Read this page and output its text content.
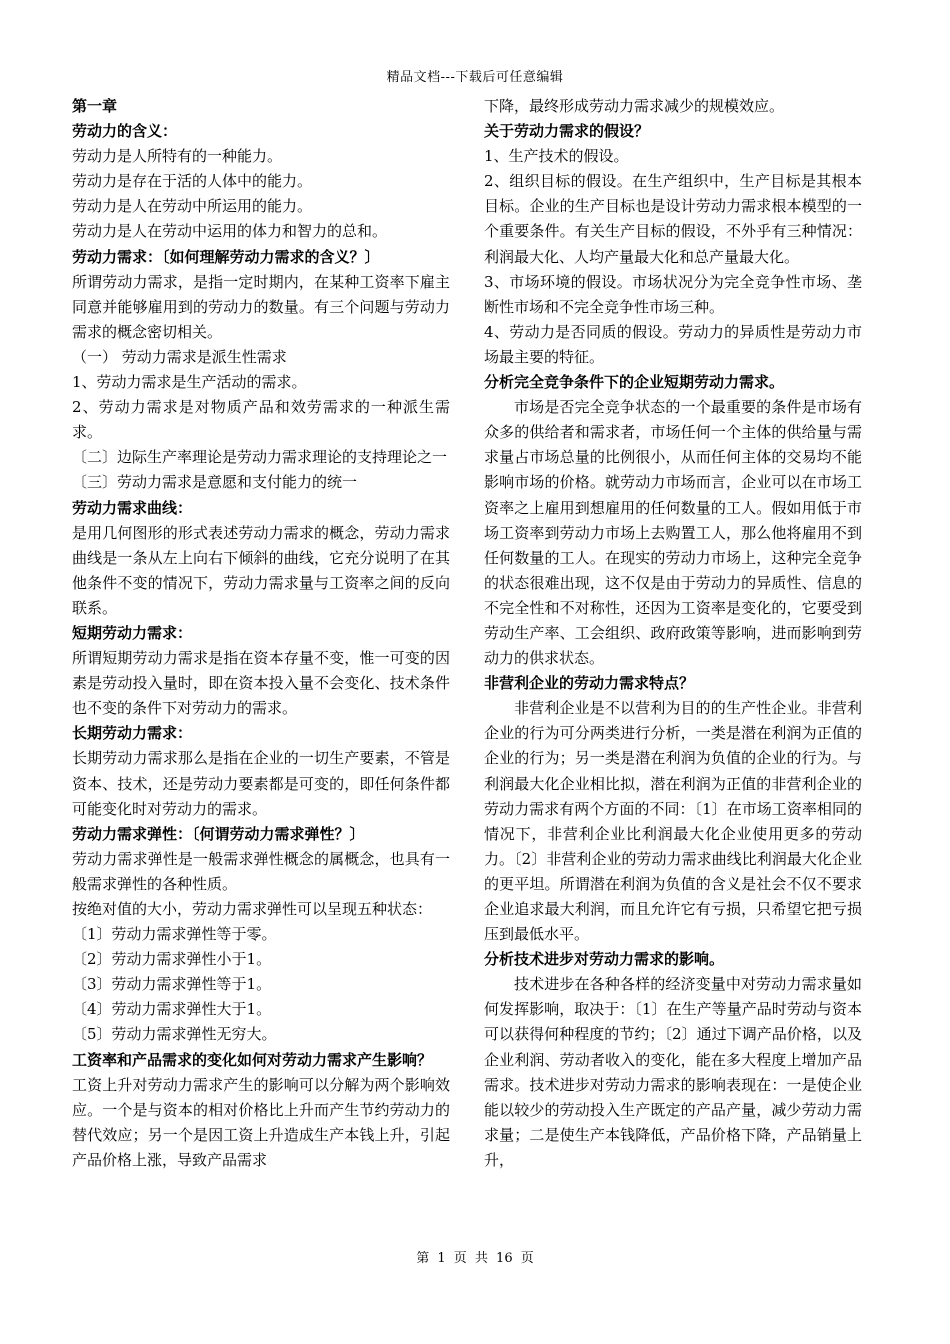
精品文档---下载后可任意编辑

第一章

劳动力的含义：

劳动力是人所特有的一种能力。

劳动力是存在于活的人体中的能力。

劳动力是人在劳动中所运用的能力。

劳动力是人在劳动中运用的体力和智力的总和。

劳动力需求：〔如何理解劳动力需求的含义？〕

所谓劳动力需求，是指一定时期内，在某种工资率下雇主同意并能够雇用到的劳动力的数量。有三个问题与劳动力需求的概念密切相关。

（一） 劳动力需求是派生性需求

1、劳动力需求是生产活动的需求。

2、劳动力需求是对物质产品和效劳需求的一种派生需求。

〔二〕边际生产率理论是劳动力需求理论的支持理论之一

〔三〕劳动力需求是意愿和支付能力的统一

劳动力需求曲线：

是用几何图形的形式表述劳动力需求的概念，劳动力需求曲线是一条从左上向右下倾斜的曲线，它充分说明了在其他条件不变的情况下，劳动力需求量与工资率之间的反向联系。

短期劳动力需求：

所谓短期劳动力需求是指在资本存量不变，惟一可变的因素是劳动投入量时，即在资本投入量不会变化、技术条件也不变的条件下对劳动力的需求。

长期劳动力需求：

长期劳动力需求那么是指在企业的一切生产要素，不管是资本、技术，还是劳动力要素都是可变的，即任何条件都可能变化时对劳动力的需求。

劳动力需求弹性：〔何谓劳动力需求弹性？〕

劳动力需求弹性是一般需求弹性概念的属概念，也具有一般需求弹性的各种性质。

按绝对值的大小，劳动力需求弹性可以呈现五种状态：

〔1〕劳动力需求弹性等于零。

〔2〕劳动力需求弹性小于1。

〔3〕劳动力需求弹性等于1。

〔4〕劳动力需求弹性大于1。

〔5〕劳动力需求弹性无穷大。

工资率和产品需求的变化如何对劳动力需求产生影响？

工资上升对劳动力需求产生的影响可以分解为两个影响效应。一个是与资本的相对价格比上升而产生节约劳动力的替代效应；另一个是因工资上升造成生产本钱上升，引起产品价格上涨，导致产品需求

下降，最终形成劳动力需求减少的规模效应。

关于劳动力需求的假设？

1、生产技术的假设。

2、组织目标的假设。在生产组织中，生产目标是其根本目标。企业的生产目标也是设计劳动力需求根本模型的一个重要条件。有关生产目标的假设，不外乎有三种情况：利润最大化、人均产量最大化和总产量最大化。

3、市场环境的假设。市场状况分为完全竞争性市场、垄断性市场和不完全竞争性市场三种。

4、劳动力是否同质的假设。劳动力的异质性是劳动力市场最主要的特征。

分析完全竞争条件下的企业短期劳动力需求。

市场是否完全竞争状态的一个最重要的条件是市场有众多的供给者和需求者，市场任何一个主体的供给量与需求量占市场总量的比例很小，从而任何主体的交易均不能影响市场的价格。就劳动力市场而言，企业可以在市场工资率之上雇用到想雇用的任何数量的工人。假如用低于市场工资率到劳动力市场上去购置工人，那么他将雇用不到任何数量的工人。在现实的劳动力市场上，这种完全竞争的状态很难出现，这不仅是由于劳动力的异质性、信息的不完全性和不对称性，还因为工资率是变化的，它要受到劳动生产率、工会组织、政府政策等影响，进而影响到劳动力的供求状态。

非营利企业的劳动力需求特点？

非营利企业是不以营利为目的的生产性企业。非营利企业的行为可分两类进行分析，一类是潜在利润为正值的企业的行为；另一类是潜在利润为负值的企业的行为。与利润最大化企业相比拟，潜在利润为正值的非营利企业的劳动力需求有两个方面的不同：〔1〕在市场工资率相同的情况下，非营利企业比利润最大化企业使用更多的劳动力。〔2〕非营利企业的劳动力需求曲线比利润最大化企业的更平坦。所谓潜在利润为负值的含义是社会不仅不要求企业追求最大利润，而且允许它有亏损，只希望它把亏损压到最低水平。

分析技术进步对劳动力需求的影响。

技术进步在各种各样的经济变量中对劳动力需求量如何发挥影响，取决于：〔1〕在生产等量产品时劳动与资本可以获得何种程度的节约；〔2〕通过下调产品价格，以及企业利润、劳动者收入的变化，能在多大程度上增加产品需求。技术进步对劳动力需求的影响表现在：一是使企业能以较少的劳动投入生产既定的产品产量，减少劳动力需求量；二是使生产本钱降低，产品价格下降，产品销量上升，

第 1 页 共 16 页
